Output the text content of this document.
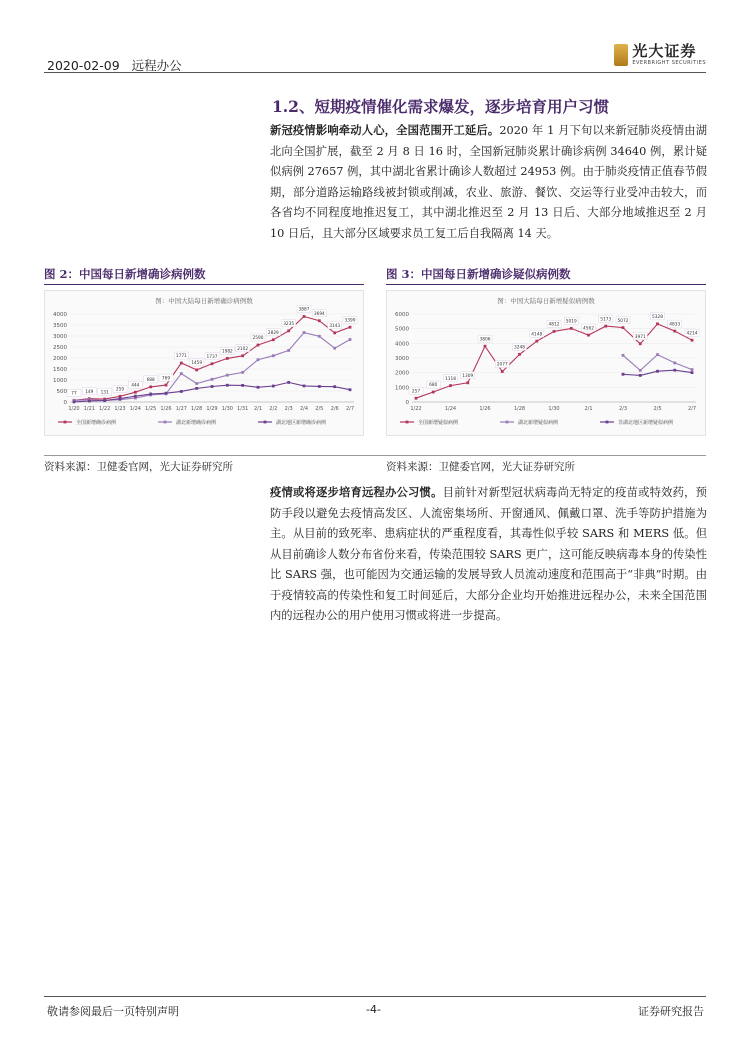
2020-02-09 远程办公
光大证券
EVERBRIGHT SECURITIES
1.2、短期疫情催化需求爆发，逐步培育用户习惯
新冠疫情影响牵动人心，全国范围开工延后。2020 年 1 月下旬以来新冠肺炎疫情由湖北向全国扩展，截至 2 月 8 日 16 时，全国新冠肺炎累计确诊病例 34640 例，累计疑似病例 27657 例，其中湖北省累计确诊人数超过 24953 例。由于肺炎疫情正值春节假期，部分道路运输路线被封锁或削减，农业、旅游、餐饮、交运等行业受冲击较大，而各省均不同程度地推迟复工，其中湖北推迟至 2 月 13 日后、大部分地域推迟至 2 月 10 日后，且大部分区域要求员工复工后自我隔离 14 天。
图 2：中国每日新增确诊病例数	图 3：中国每日新增确诊疑似病例数
图：中国大陆每日新增确诊病例数
0
500
1000
1500
2000
2500
3000
3500
4000
1/20 1/21 1/22 1/23 1/24 1/25 1/26 1/27 1/28 1/29 1/30 1/31 2/1 2/2 2/3 2/4 2/5 2/6 2/7
77 149 131
259
444
688 769
1771
1459
1737
1982
2102
2590
2829
3235
3887
3694
3143
3399
全国新增确诊病例	湖北新增确诊病例	湖北地区新增确诊病例
图：中国大陆每日新增疑似病例数
0
1000
2000
3000
4000
5000
6000
1/22	1/24	1/26	1/28	1/30	2/1	2/3	2/5	2/7
257
680
1118
1309
3806
2077
3248
4148
4812
5019
4562
5173 5072
3971
5328
4833
4214
全国新增疑似病例	湖北新增疑似病例	非湖北地区新增疑似病例
资料来源：卫健委官网，光大证券研究所	资料来源：卫健委官网，光大证券研究所
疫情或将逐步培育远程办公习惯。目前针对新型冠状病毒尚无特定的疫苗或特效药，预防手段以避免去疫情高发区、人流密集场所、开窗通风、佩戴口罩、洗手等防护措施为主。从目前的致死率、患病症状的严重程度看，其毒性似乎较 SARS 和 MERS 低。但从目前确诊人数分布省份来看，传染范围较 SARS 更广，这可能反映病毒本身的传染性比 SARS 强，也可能因为交通运输的发展导致人员流动速度和范围高于“非典”时期。由于疫情较高的传染性和复工时间延后，大部分企业均开始推进远程办公，未来全国范围内的远程办公的用户使用习惯或将进一步提高。
敬请参阅最后一页特别声明	-4-	证券研究报告
